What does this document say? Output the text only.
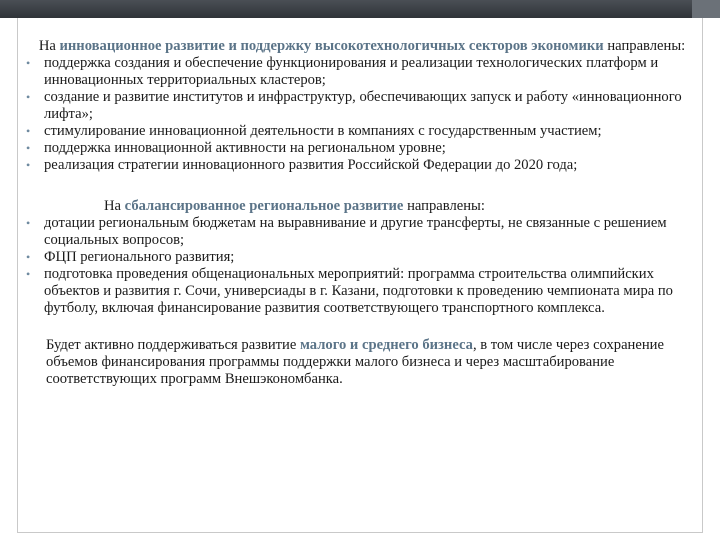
На инновационное развитие и поддержку высокотехнологичных секторов экономики направлены:

• поддержка создания и обеспечение функционирования и реализации технологических платформ и инновационных территориальных кластеров;
• создание и развитие институтов и инфраструктур, обеспечивающих запуск и работу «инновационного лифта»;
• стимулирование инновационной деятельности в компаниях с государственным участием;
• поддержка инновационной активности на региональном уровне;
• реализация стратегии инновационного развития Российской Федерации до 2020 года;

На сбалансированное региональное развитие направлены:

• дотации региональным бюджетам на выравнивание и другие трансферты, не связанные с решением социальных вопросов;
• ФЦП регионального развития;
• подготовка проведения общенациональных мероприятий: программа строительства олимпийских объектов и развития г. Сочи, универсиады в г. Казани, подготовки к проведению чемпионата мира по футболу, включая финансирование развития соответствующего транспортного комплекса.

Будет активно поддерживаться развитие малого и среднего бизнеса, в том числе через сохранение объемов финансирования программы поддержки малого бизнеса и через масштабирование соответствующих программ Внешэкономбанка.
